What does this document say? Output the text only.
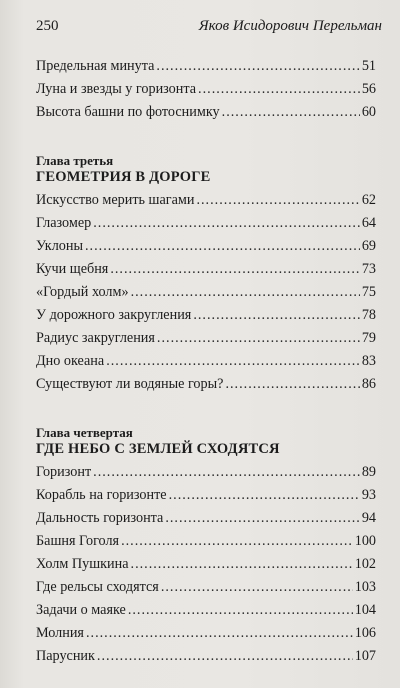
250	Яков Исидорович Перельман
Предельная минута .....	51
Луна и звезды у горизонта .....	56
Высота башни по фотоснимку .....	60
Глава третья
ГЕОМЕТРИЯ В ДОРОГЕ
Искусство мерить шагами .....	62
Глазомер .....	64
Уклоны .....	69
Кучи щебня .....	73
«Гордый холм» .....	75
У дорожного закругления .....	78
Радиус закругления .....	79
Дно океана .....	83
Существуют ли водяные горы? .....	86
Глава четвертая
ГДЕ НЕБО С ЗЕМЛЕЙ СХОДЯТСЯ
Горизонт .....	89
Корабль на горизонте .....	93
Дальность горизонта .....	94
Башня Гоголя .....	100
Холм Пушкина .....	102
Где рельсы сходятся .....	103
Задачи о маяке .....	104
Молния .....	106
Парусник .....	107
